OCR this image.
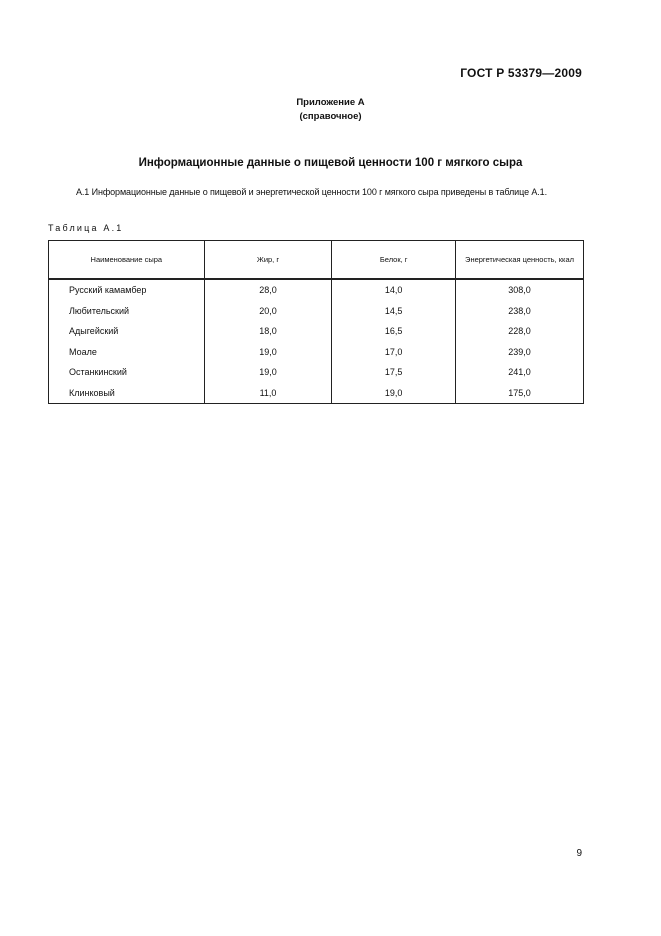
ГОСТ Р 53379—2009
Приложение А
(справочное)
Информационные данные о пищевой ценности 100 г мягкого сыра
А.1 Информационные данные о пищевой и энергетической ценности 100 г мягкого сыра приведены в таблице А.1.
Таблица А.1
Наименование сыра	Жир, г	Белок, г	Энергетическая ценность, ккал
Русский камамбер	28,0	14,0	308,0
Любительский	20,0	14,5	238,0
Адыгейский	18,0	16,5	228,0
Моале	19,0	17,0	239,0
Останкинский	19,0	17,5	241,0
Клинковый	11,0	19,0	175,0
9
